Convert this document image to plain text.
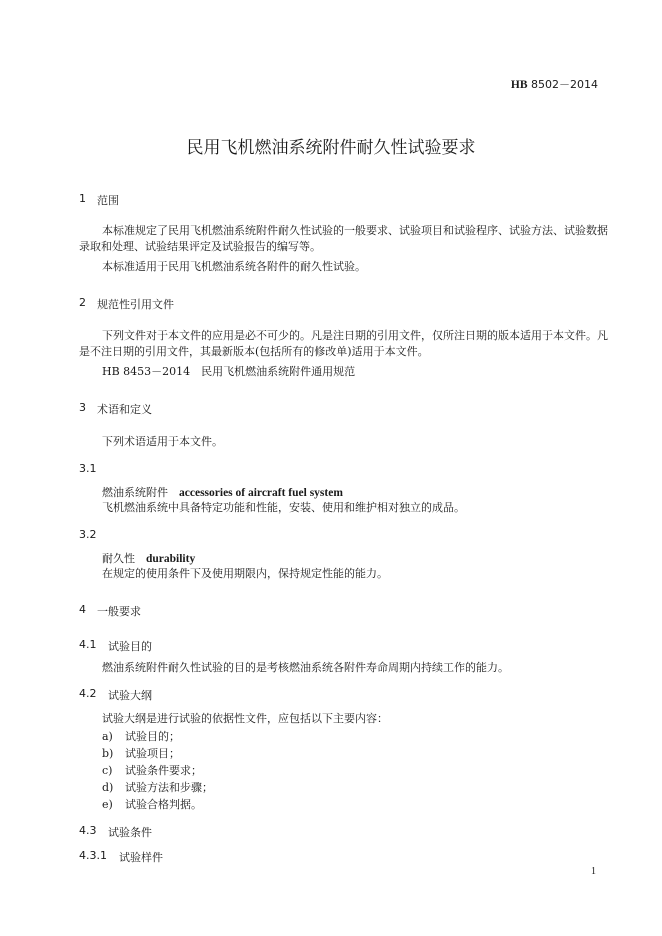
HB 8502－2014
民用飞机燃油系统附件耐久性试验要求
1 范围
本标准规定了民用飞机燃油系统附件耐久性试验的一般要求、试验项目和试验程序、试验方法、试验数据录取和处理、试验结果评定及试验报告的编写等。
本标准适用于民用飞机燃油系统各附件的耐久性试验。
2 规范性引用文件
下列文件对于本文件的应用是必不可少的。凡是注日期的引用文件，仅所注日期的版本适用于本文件。凡是不注日期的引用文件，其最新版本(包括所有的修改单)适用于本文件。
HB 8453－2014　民用飞机燃油系统附件通用规范
3 术语和定义
下列术语适用于本文件。
3.1
燃油系统附件　 accessories of aircraft fuel system
飞机燃油系统中具备特定功能和性能，安装、使用和维护相对独立的成品。
3.2
耐久性　 durability
在规定的使用条件下及使用期限内，保持规定性能的能力。
4 一般要求
4.1 试验目的
燃油系统附件耐久性试验的目的是考核燃油系统各附件寿命周期内持续工作的能力。
4.2 试验大纲
试验大纲是进行试验的依据性文件，应包括以下主要内容：
a) 试验目的；
b) 试验项目；
c) 试验条件要求；
d) 试验方法和步骤；
e) 试验合格判据。
4.3 试验条件
4.3.1 试验样件
1
